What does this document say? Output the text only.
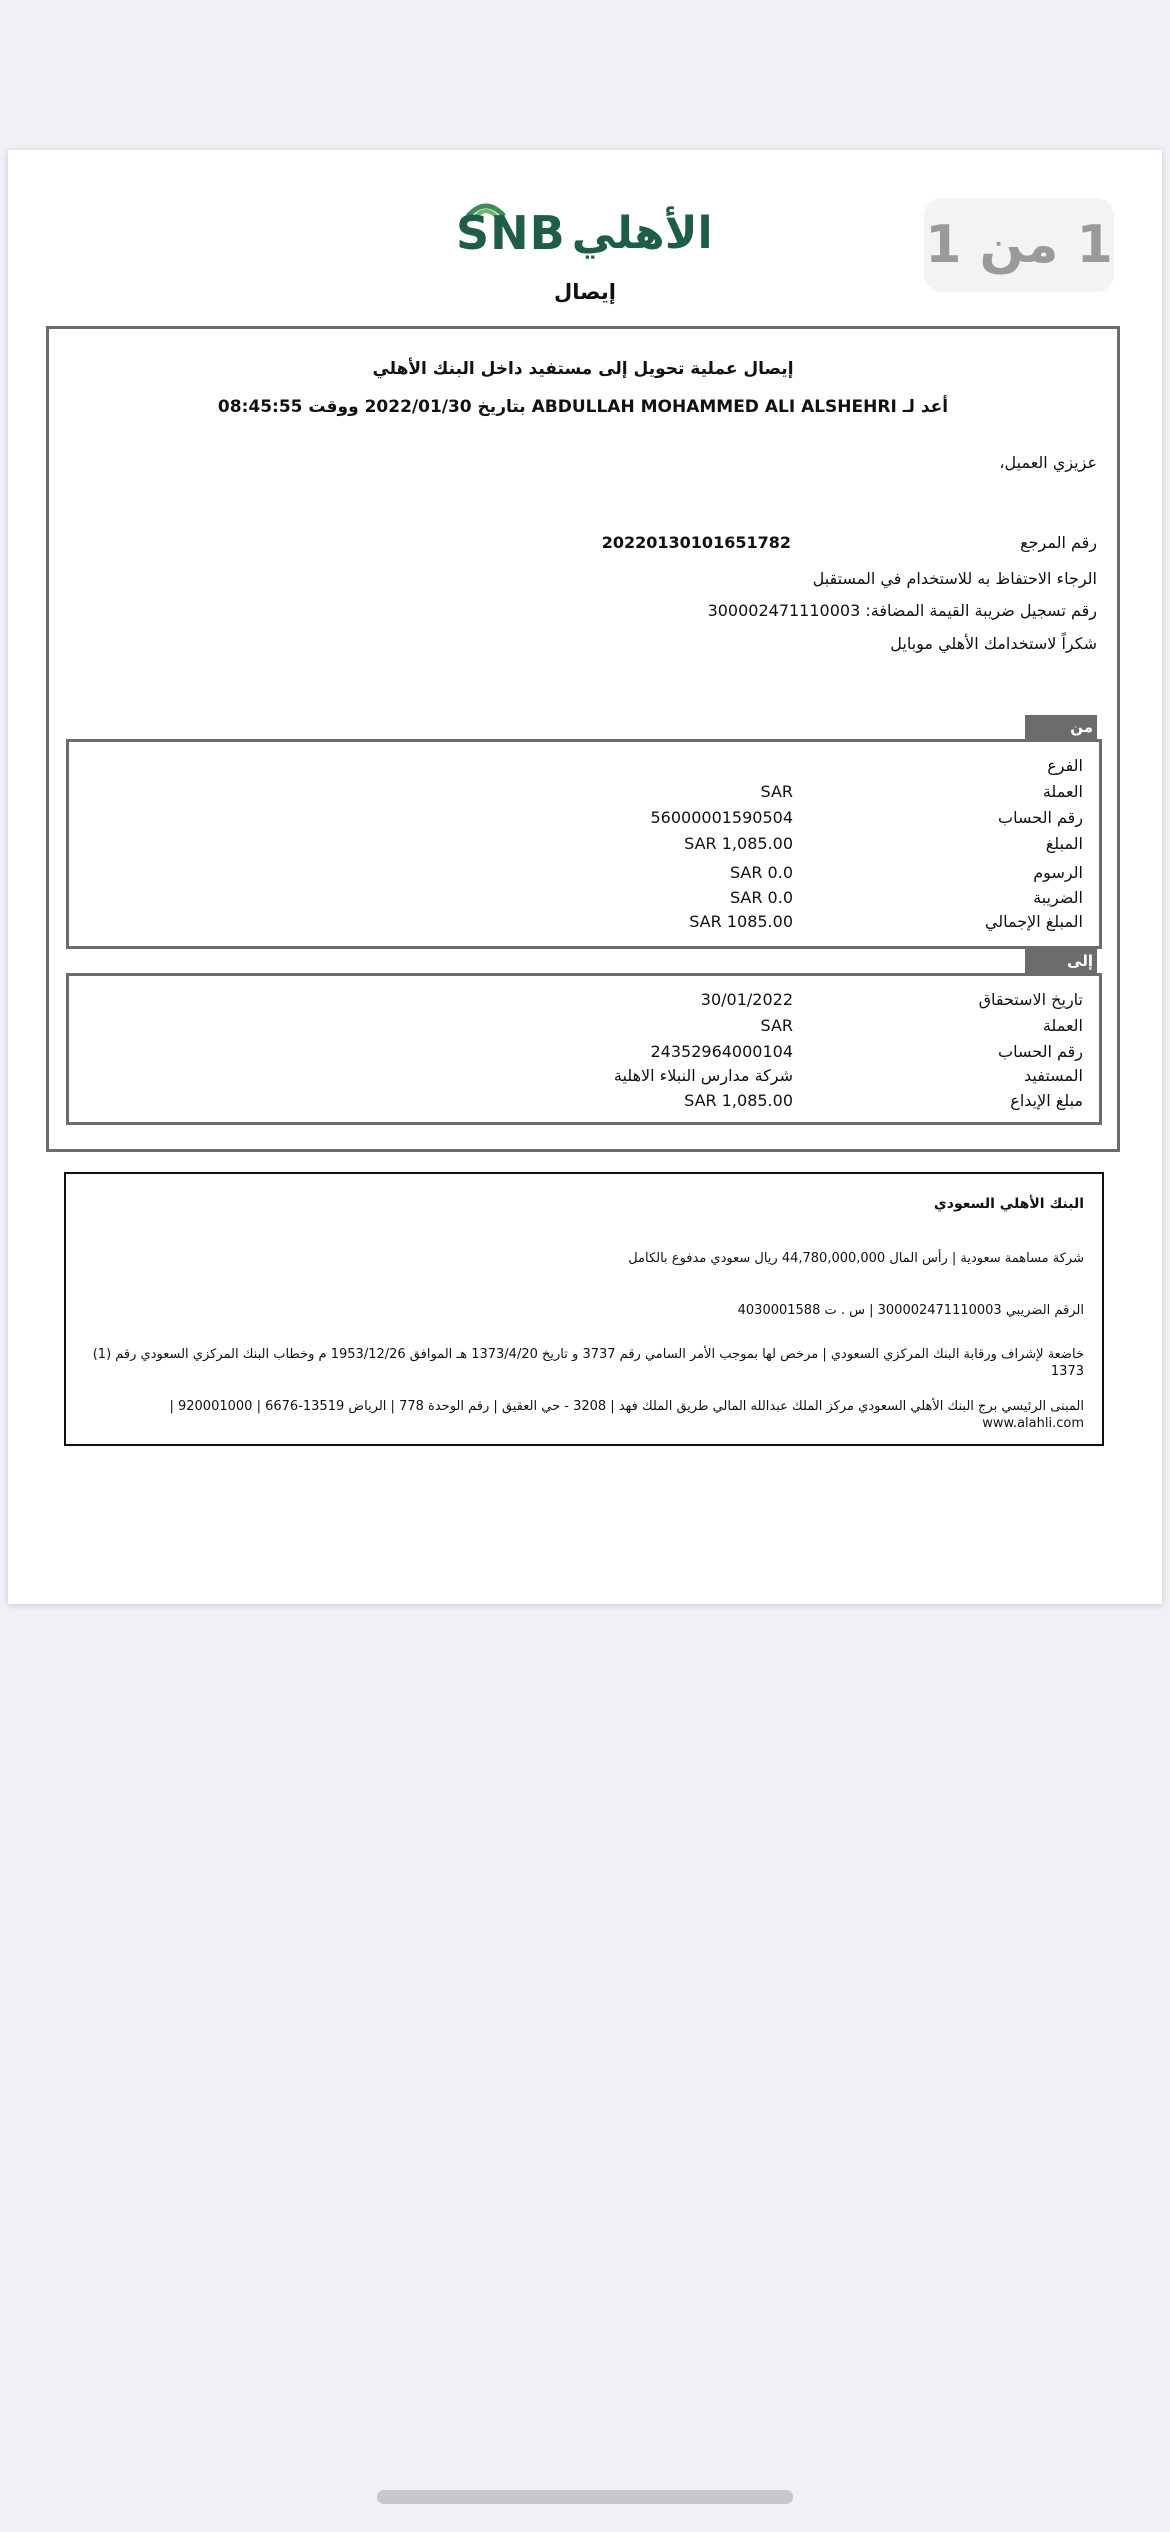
1 من 1
SNB الأهلي
إيصال
إيصال عملية تحويل إلى مستفيد داخل البنك الأهلي
أعد لـ ABDULLAH MOHAMMED ALI ALSHEHRI بتاريخ 2022/01/30 ووقت 08:45:55
عزيزي العميل،
رقم المرجع
20220130101651782
الرجاء الاحتفاظ به للاستخدام في المستقبل
رقم تسجيل ضريبة القيمة المضافة: 300002471110003
شكراً لاستخدامك الأهلي موبايل
من
الفرع
العملة
SAR
رقم الحساب
56000001590504
المبلغ
1,085.00 SAR
الرسوم
0.0 SAR
الضريبة
0.0 SAR
المبلغ الإجمالي
1085.00 SAR
إلى
تاريخ الاستحقاق
30/01/2022
العملة
SAR
رقم الحساب
24352964000104
المستفيد
شركة مدارس النبلاء الاهلية
مبلغ الإيداع
1,085.00 SAR
البنك الأهلي السعودي
شركة مساهمة سعودية | رأس المال 44,780,000,000 ريال سعودي مدفوع بالكامل
الرقم الضريبي 300002471110003 | س . ت 4030001588
خاضعة لإشراف ورقابة البنك المركزي السعودي | مرخص لها بموجب الأمر السامي رقم 3737 و تاريخ 1373/4/20 هـ الموافق 1953/12/26 م وخطاب البنك المركزي السعودي رقم (1) 1373
المبنى الرئيسي برج البنك الأهلي السعودي مركز الملك عبدالله المالي طريق الملك فهد | 3208 - حي العقيق | رقم الوحدة 778 | الرياض 13519-6676 | 920001000 | www.alahli.com
